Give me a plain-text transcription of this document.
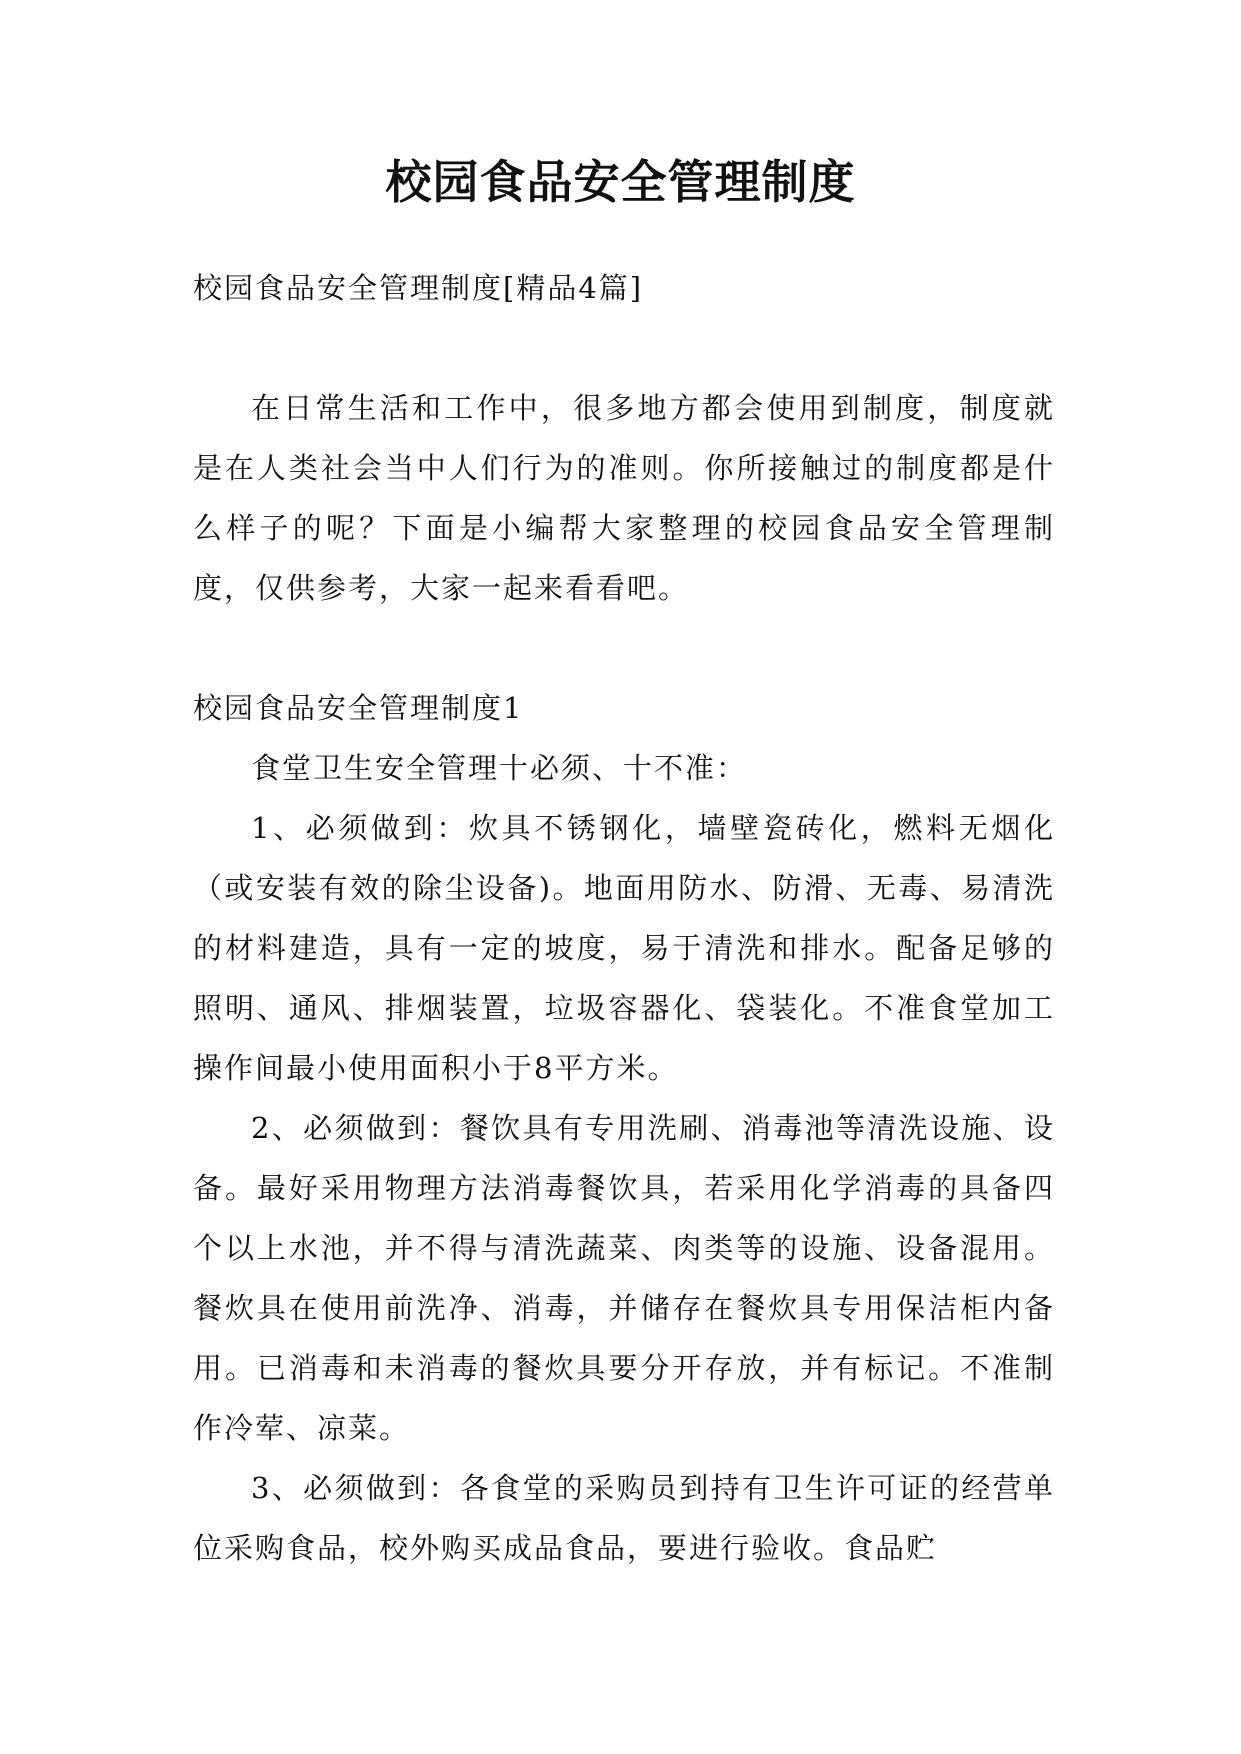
校园食品安全管理制度

校园食品安全管理制度[精品4篇]

在日常生活和工作中，很多地方都会使用到制度，制度就是在人类社会当中人们行为的准则。你所接触过的制度都是什么样子的呢？下面是小编帮大家整理的校园食品安全管理制度，仅供参考，大家一起来看看吧。

校园食品安全管理制度1

食堂卫生安全管理十必须、十不准：

1、必须做到：炊具不锈钢化，墙壁瓷砖化，燃料无烟化（或安装有效的除尘设备)。地面用防水、防滑、无毒、易清洗的材料建造，具有一定的坡度，易于清洗和排水。配备足够的照明、通风、排烟装置，垃圾容器化、袋装化。不准食堂加工操作间最小使用面积小于8平方米。

2、必须做到：餐饮具有专用洗刷、消毒池等清洗设施、设备。最好采用物理方法消毒餐饮具，若采用化学消毒的具备四个以上水池，并不得与清洗蔬菜、肉类等的设施、设备混用。餐炊具在使用前洗净、消毒，并储存在餐炊具专用保洁柜内备用。已消毒和未消毒的餐炊具要分开存放，并有标记。不准制作冷荤、凉菜。

3、必须做到：各食堂的采购员到持有卫生许可证的经营单位采购食品，校外购买成品食品，要进行验收。食品贮
